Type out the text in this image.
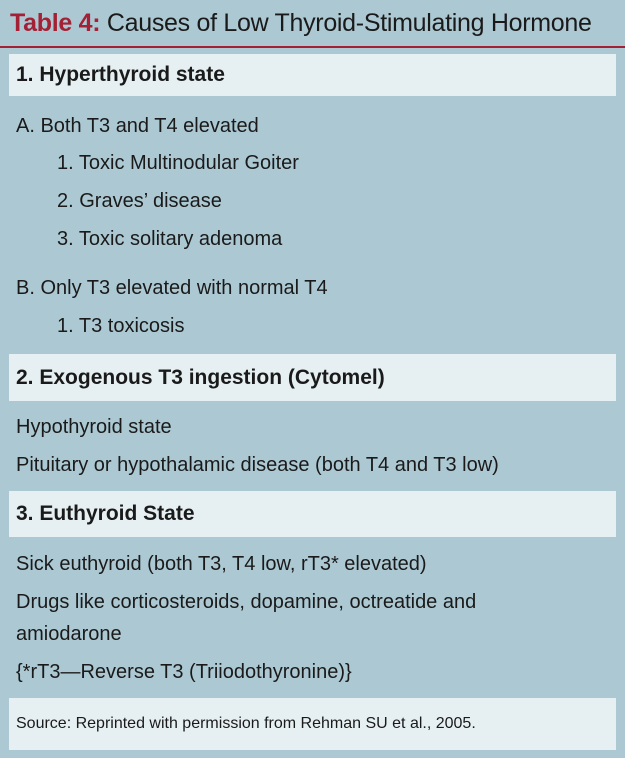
Table 4: Causes of Low Thyroid-Stimulating Hormone
1. Hyperthyroid state
A. Both T3 and T4 elevated
1. Toxic Multinodular Goiter
2. Graves’ disease
3. Toxic solitary adenoma
B. Only T3 elevated with normal T4
1. T3 toxicosis
2. Exogenous T3 ingestion (Cytomel)
Hypothyroid state
Pituitary or hypothalamic disease (both T4 and T3 low)
3. Euthyroid State
Sick euthyroid (both T3, T4 low, rT3* elevated)
Drugs like corticosteroids, dopamine, octreatide and
amiodarone
{*rT3—Reverse T3 (Triiodothyronine)}
Source: Reprinted with permission from Rehman SU et al., 2005.
